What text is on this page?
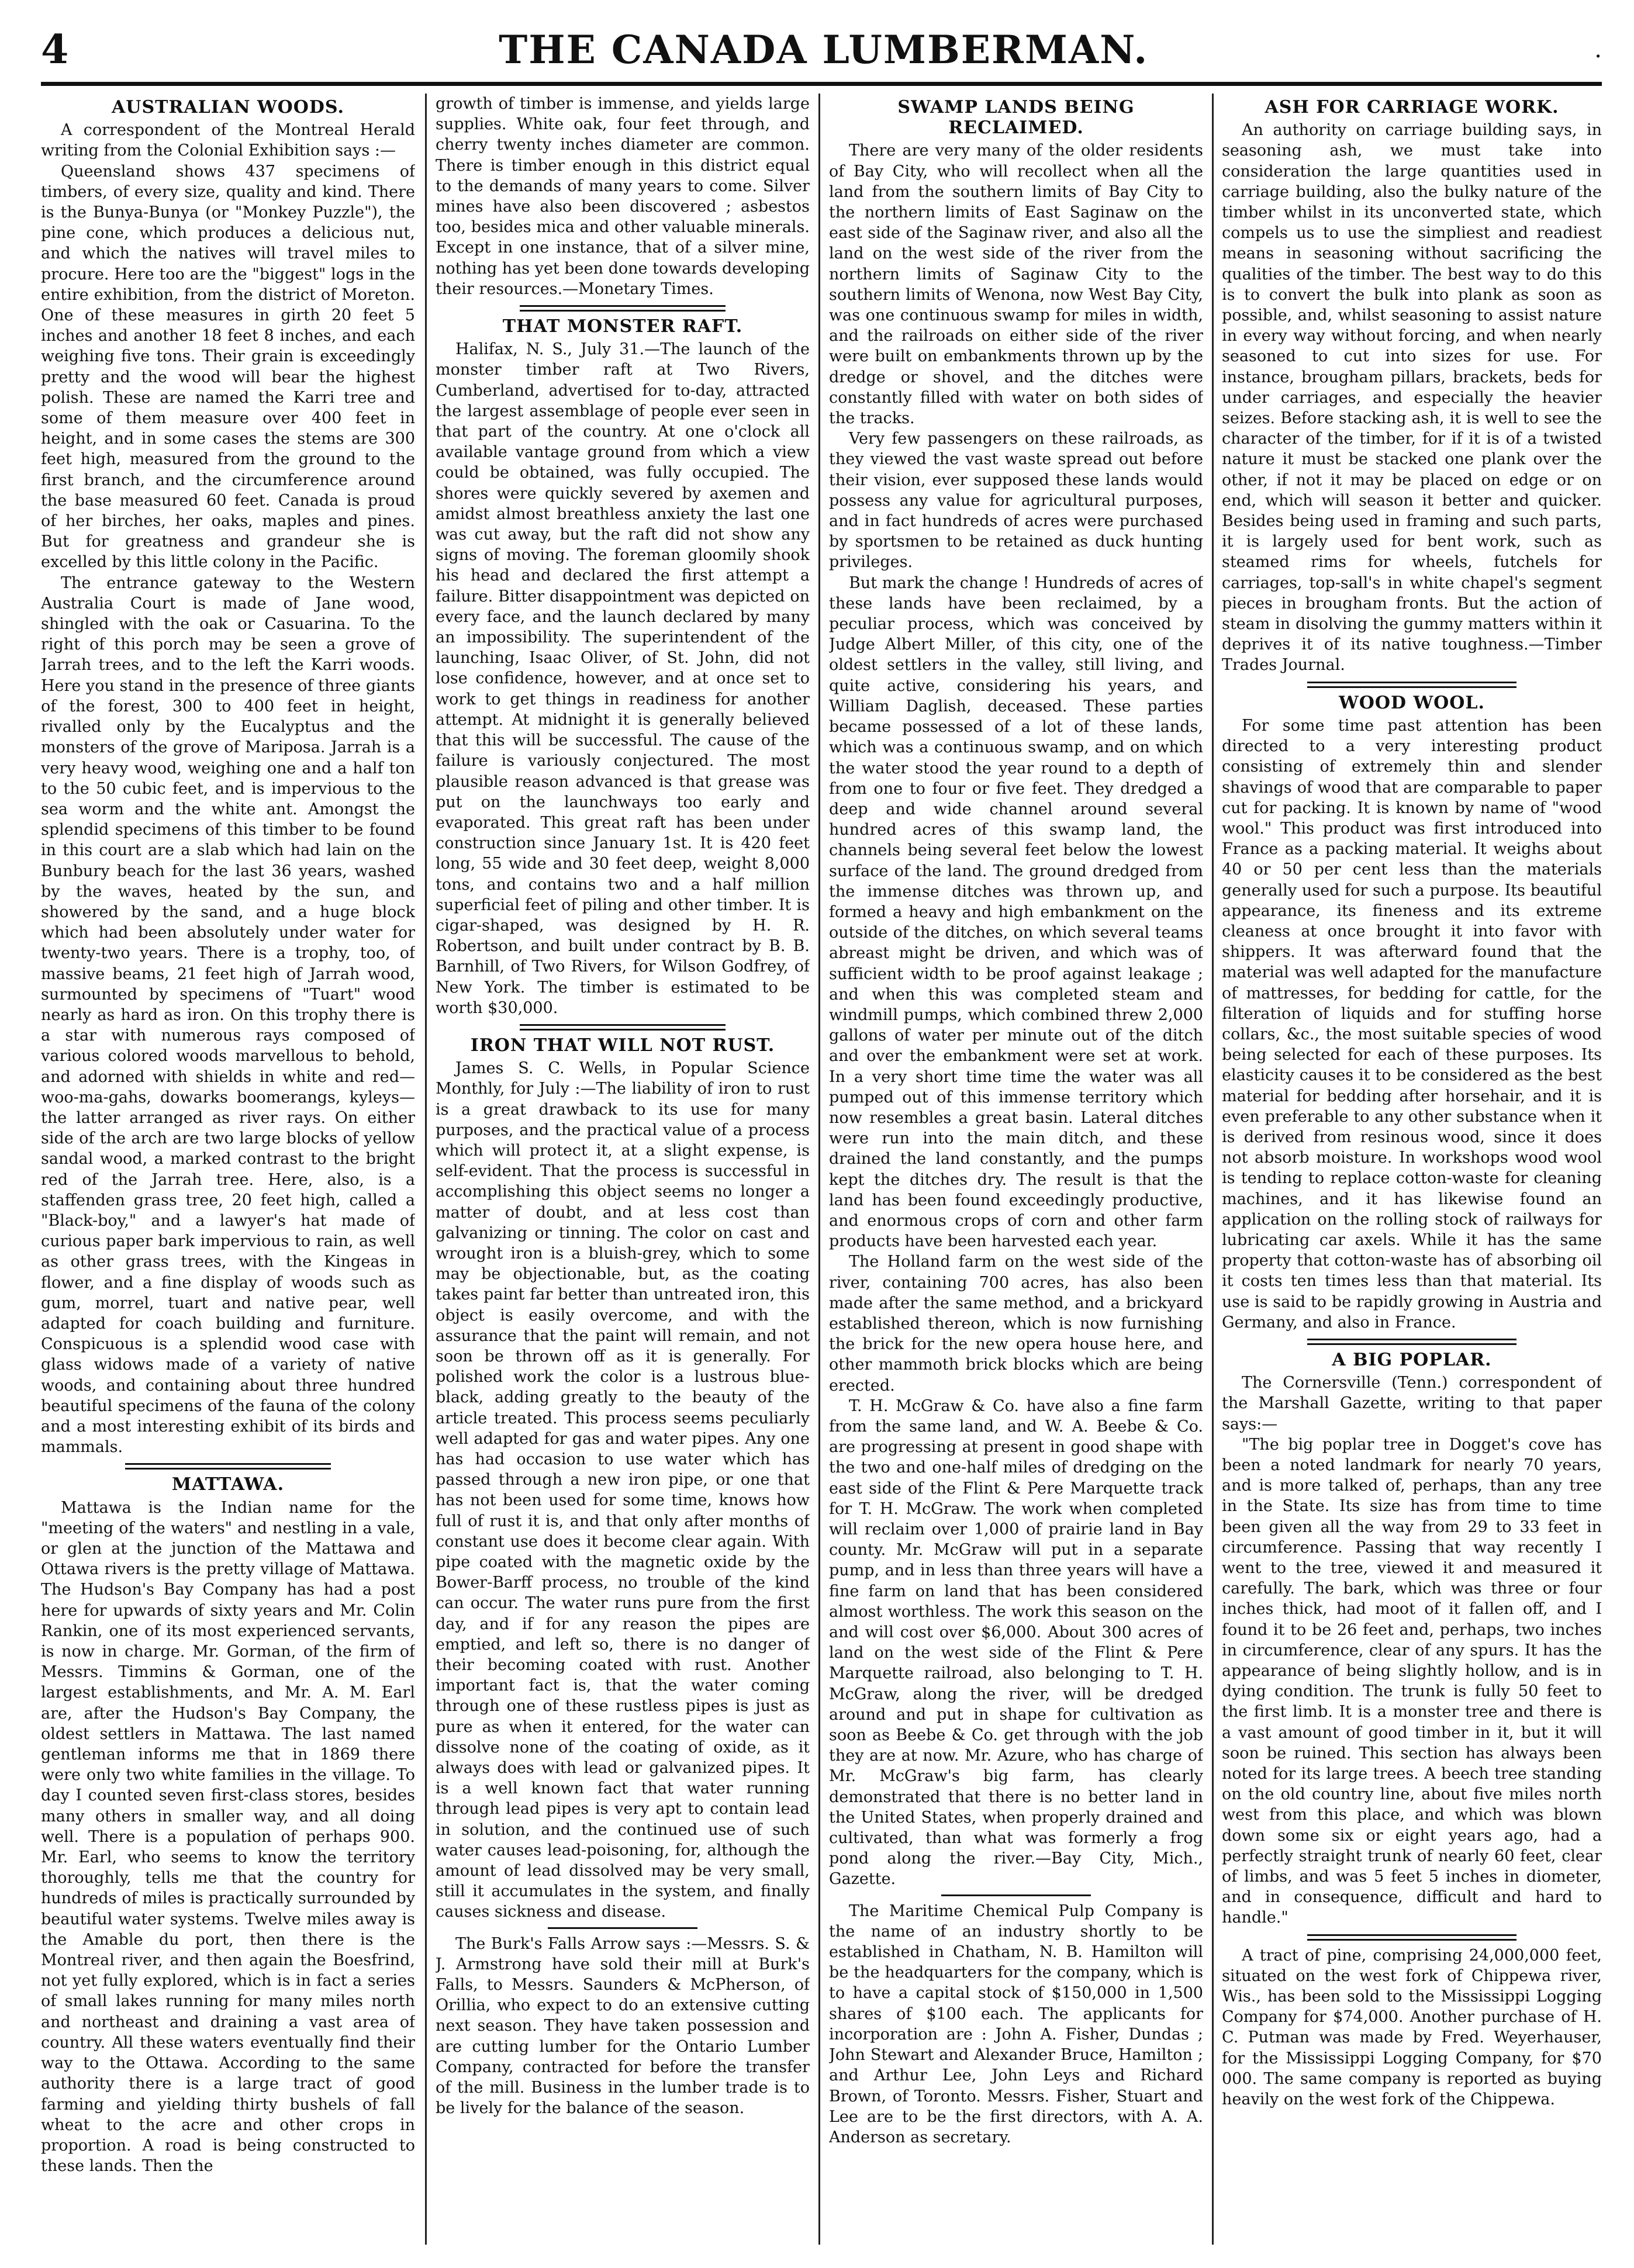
4	THE CANADA LUMBERMAN.	.
AUSTRALIAN WOODS.

A correspondent of the Montreal Herald writing from the Colonial Exhibition says :—

Queensland shows 437 specimens of timbers, of every size, quality and kind. There is the Bunya-Bunya (or "Monkey Puzzle"), the pine cone, which produces a delicious nut, and which the natives will travel miles to procure. Here too are the "biggest" logs in the entire exhibition, from the district of Moreton. One of these measures in girth 20 feet 5 inches and another 18 feet 8 inches, and each weighing five tons. Their grain is exceedingly pretty and the wood will bear the highest polish. These are named the Karri tree and some of them measure over 400 feet in height, and in some cases the stems are 300 feet high, measured from the ground to the first branch, and the circumference around the base measured 60 feet. Canada is proud of her birches, her oaks, maples and pines. But for greatness and grandeur she is excelled by this little colony in the Pacific.

The entrance gateway to the Western Australia Court is made of Jane wood, shingled with the oak or Casuarina. To the right of this porch may be seen a grove of Jarrah trees, and to the left the Karri woods. Here you stand in the presence of three giants of the forest, 300 to 400 feet in height, rivalled only by the Eucalyptus and the monsters of the grove of Mariposa. Jarrah is a very heavy wood, weighing one and a half ton to the 50 cubic feet, and is impervious to the sea worm and the white ant. Amongst the splendid specimens of this timber to be found in this court are a slab which had lain on the Bunbury beach for the last 36 years, washed by the waves, heated by the sun, and showered by the sand, and a huge block which had been absolutely under water for twenty-two years. There is a trophy, too, of massive beams, 21 feet high of Jarrah wood, surmounted by specimens of "Tuart" wood nearly as hard as iron. On this trophy there is a star with numerous rays composed of various colored woods marvellous to behold, and adorned with shields in white and red—woo-ma-gahs, dowarks boomerangs, kyleys—the latter arranged as river rays. On either side of the arch are two large blocks of yellow sandal wood, a marked contrast to the bright red of the Jarrah tree. Here, also, is a staffenden grass tree, 20 feet high, called a "Black-boy," and a lawyer's hat made of curious paper bark impervious to rain, as well as other grass trees, with the Kingeas in flower, and a fine display of woods such as gum, morrel, tuart and native pear, well adapted for coach building and furniture. Conspicuous is a splendid wood case with glass widows made of a variety of native woods, and containing about three hundred beautiful specimens of the fauna of the colony and a most interesting exhibit of its birds and mammals.

MATTAWA.

Mattawa is the Indian name for the "meeting of the waters" and nestling in a vale, or glen at the junction of the Mattawa and Ottawa rivers is the pretty village of Mattawa. The Hudson's Bay Company has had a post here for upwards of sixty years and Mr. Colin Rankin, one of its most experienced servants, is now in charge. Mr. Gorman, of the firm of Messrs. Timmins & Gorman, one of the largest establishments, and Mr. A. M. Earl are, after the Hudson's Bay Company, the oldest settlers in Mattawa. The last named gentleman informs me that in 1869 there were only two white families in the village. To day I counted seven first-class stores, besides many others in smaller way, and all doing well. There is a population of perhaps 900. Mr. Earl, who seems to know the territory thoroughly, tells me that the country for hundreds of miles is practically surrounded by beautiful water systems. Twelve miles away is the Amable du port, then there is the Montreal river, and then again the Boesfrind, not yet fully explored, which is in fact a series of small lakes running for many miles north and northeast and draining a vast area of country. All these waters eventually find their way to the Ottawa. According to the same authority there is a large tract of good farming and yielding thirty bushels of fall wheat to the acre and other crops in proportion. A road is being constructed to these lands. Then the

growth of timber is immense, and yields large supplies. White oak, four feet through, and cherry twenty inches diameter are common. There is timber enough in this district equal to the demands of many years to come. Silver mines have also been discovered ; asbestos too, besides mica and other valuable minerals. Except in one instance, that of a silver mine, nothing has yet been done towards developing their resources.—Monetary Times.

THAT MONSTER RAFT.

Halifax, N. S., July 31.—The launch of the monster timber raft at Two Rivers, Cumberland, advertised for to-day, attracted the largest assemblage of people ever seen in that part of the country. At one o'clock all available vantage ground from which a view could be obtained, was fully occupied. The shores were quickly severed by axemen and amidst almost breathless anxiety the last one was cut away, but the raft did not show any signs of moving. The foreman gloomily shook his head and declared the first attempt a failure. Bitter disappointment was depicted on every face, and the launch declared by many an impossibility. The superintendent of the launching, Isaac Oliver, of St. John, did not lose confidence, however, and at once set to work to get things in readiness for another attempt. At midnight it is generally believed that this will be successful. The cause of the failure is variously conjectured. The most plausible reason advanced is that grease was put on the launchways too early and evaporated. This great raft has been under construction since January 1st. It is 420 feet long, 55 wide and 30 feet deep, weight 8,000 tons, and contains two and a half million superficial feet of piling and other timber. It is cigar-shaped, was designed by H. R. Robertson, and built under contract by B. B. Barnhill, of Two Rivers, for Wilson Godfrey, of New York. The timber is estimated to be worth $30,000.

IRON THAT WILL NOT RUST.

James S. C. Wells, in Popular Science Monthly, for July :—The liability of iron to rust is a great drawback to its use for many purposes, and the practical value of a process which will protect it, at a slight expense, is self-evident. That the process is successful in accomplishing this object seems no longer a matter of doubt, and at less cost than galvanizing or tinning. The color on cast and wrought iron is a bluish-grey, which to some may be objectionable, but, as the coating takes paint far better than untreated iron, this object is easily overcome, and with the assurance that the paint will remain, and not soon be thrown off as it is generally. For polished work the color is a lustrous blue-black, adding greatly to the beauty of the article treated. This process seems peculiarly well adapted for gas and water pipes. Any one has had occasion to use water which has passed through a new iron pipe, or one that has not been used for some time, knows how full of rust it is, and that only after months of constant use does it become clear again. With pipe coated with the magnetic oxide by the Bower-Barff process, no trouble of the kind can occur. The water runs pure from the first day, and if for any reason the pipes are emptied, and left so, there is no danger of their becoming coated with rust. Another important fact is, that the water coming through one of these rustless pipes is just as pure as when it entered, for the water can dissolve none of the coating of oxide, as it always does with lead or galvanized pipes. It is a well known fact that water running through lead pipes is very apt to contain lead in solution, and the continued use of such water causes lead-poisoning, for, although the amount of lead dissolved may be very small, still it accumulates in the system, and finally causes sickness and disease.

The Burk's Falls Arrow says :—Messrs. S. & J. Armstrong have sold their mill at Burk's Falls, to Messrs. Saunders & McPherson, of Orillia, who expect to do an extensive cutting next season. They have taken possession and are cutting lumber for the Ontario Lumber Company, contracted for before the transfer of the mill. Business in the lumber trade is to be lively for the balance of the season.

SWAMP LANDS BEING RECLAIMED.

There are very many of the older residents of Bay City, who will recollect when all the land from the southern limits of Bay City to the northern limits of East Saginaw on the east side of the Saginaw river, and also all the land on the west side of the river from the northern limits of Saginaw City to the southern limits of Wenona, now West Bay City, was one continuous swamp for miles in width, and the railroads on either side of the river were built on embankments thrown up by the dredge or shovel, and the ditches were constantly filled with water on both sides of the tracks.

Very few passengers on these railroads, as they viewed the vast waste spread out before their vision, ever supposed these lands would possess any value for agricultural purposes, and in fact hundreds of acres were purchased by sportsmen to be retained as duck hunting privileges.

But mark the change ! Hundreds of acres of these lands have been reclaimed, by a peculiar process, which was conceived by Judge Albert Miller, of this city, one of the oldest settlers in the valley, still living, and quite active, considering his years, and William Daglish, deceased. These parties became possessed of a lot of these lands, which was a continuous swamp, and on which the water stood the year round to a depth of from one to four or five feet. They dredged a deep and wide channel around several hundred acres of this swamp land, the channels being several feet below the lowest surface of the land. The ground dredged from the immense ditches was thrown up, and formed a heavy and high embankment on the outside of the ditches, on which several teams abreast might be driven, and which was of sufficient width to be proof against leakage ; and when this was completed steam and windmill pumps, which combined threw 2,000 gallons of water per minute out of the ditch and over the embankment were set at work. In a very short time time the water was all pumped out of this immense territory which now resembles a great basin. Lateral ditches were run into the main ditch, and these drained the land constantly, and the pumps kept the ditches dry. The result is that the land has been found exceedingly productive, and enormous crops of corn and other farm products have been harvested each year.

The Holland farm on the west side of the river, containing 700 acres, has also been made after the same method, and a brickyard established thereon, which is now furnishing the brick for the new opera house here, and other mammoth brick blocks which are being erected.

T. H. McGraw & Co. have also a fine farm from the same land, and W. A. Beebe & Co. are progressing at present in good shape with the two and one-half miles of dredging on the east side of the Flint & Pere Marquette track for T. H. McGraw. The work when completed will reclaim over 1,000 of prairie land in Bay county. Mr. McGraw will put in a separate pump, and in less than three years will have a fine farm on land that has been considered almost worthless. The work this season on the and will cost over $6,000. About 300 acres of land on the west side of the Flint & Pere Marquette railroad, also belonging to T. H. McGraw, along the river, will be dredged around and put in shape for cultivation as soon as Beebe & Co. get through with the job they are at now. Mr. Azure, who has charge of Mr. McGraw's big farm, has clearly demonstrated that there is no better land in the United States, when properly drained and cultivated, than what was formerly a frog pond along the river.—Bay City, Mich., Gazette.

The Maritime Chemical Pulp Company is the name of an industry shortly to be established in Chatham, N. B. Hamilton will be the headquarters for the company, which is to have a capital stock of $150,000 in 1,500 shares of $100 each. The applicants for incorporation are : John A. Fisher, Dundas ; John Stewart and Alexander Bruce, Hamilton ; and Arthur Lee, John Leys and Richard Brown, of Toronto. Messrs. Fisher, Stuart and Lee are to be the first directors, with A. A. Anderson as secretary.

ASH FOR CARRIAGE WORK.

An authority on carriage building says, in seasoning ash, we must take into consideration the large quantities used in carriage building, also the bulky nature of the timber whilst in its unconverted state, which compels us to use the simpliest and readiest means in seasoning without sacrificing the qualities of the timber. The best way to do this is to convert the bulk into plank as soon as possible, and, whilst seasoning to assist nature in every way without forcing, and when nearly seasoned to cut into sizes for use. For instance, brougham pillars, brackets, beds for under carriages, and especially the heavier seizes. Before stacking ash, it is well to see the character of the timber, for if it is of a twisted nature it must be stacked one plank over the other, if not it may be placed on edge or on end, which will season it better and quicker. Besides being used in framing and such parts, it is largely used for bent work, such as steamed rims for wheels, futchels for carriages, top-sall's in white chapel's segment pieces in brougham fronts. But the action of steam in disolving the gummy matters within it deprives it of its native toughness.—Timber Trades Journal.

WOOD WOOL.

For some time past attention has been directed to a very interesting product consisting of extremely thin and slender shavings of wood that are comparable to paper cut for packing. It is known by name of "wood wool." This product was first introduced into France as a packing material. It weighs about 40 or 50 per cent less than the materials generally used for such a purpose. Its beautiful appearance, its fineness and its extreme cleaness at once brought it into favor with shippers. It was afterward found that the material was well adapted for the manufacture of mattresses, for bedding for cattle, for the filteration of liquids and for stuffing horse collars, &c., the most suitable species of wood being selected for each of these purposes. Its elasticity causes it to be considered as the best material for bedding after horsehair, and it is even preferable to any other substance when it is derived from resinous wood, since it does not absorb moisture. In workshops wood wool is tending to replace cotton-waste for cleaning machines, and it has likewise found an application on the rolling stock of railways for lubricating car axels. While it has the same property that cotton-waste has of absorbing oil it costs ten times less than that material. Its use is said to be rapidly growing in Austria and Germany, and also in France.

A BIG POPLAR.

The Cornersville (Tenn.) correspondent of the Marshall Gazette, writing to that paper says:—

"The big poplar tree in Dogget's cove has been a noted landmark for nearly 70 years, and is more talked of, perhaps, than any tree in the State. Its size has from time to time been given all the way from 29 to 33 feet in circumference. Passing that way recently I went to the tree, viewed it and measured it carefully. The bark, which was three or four inches thick, had moot of it fallen off, and I found it to be 26 feet and, perhaps, two inches in circumference, clear of any spurs. It has the appearance of being slightly hollow, and is in dying condition. The trunk is fully 50 feet to the first limb. It is a monster tree and there is a vast amount of good timber in it, but it will soon be ruined. This section has always been noted for its large trees. A beech tree standing on the old country line, about five miles north west from this place, and which was blown down some six or eight years ago, had a perfectly straight trunk of nearly 60 feet, clear of limbs, and was 5 feet 5 inches in diometer, and in consequence, difficult and hard to handle."

A tract of pine, comprising 24,000,000 feet, situated on the west fork of Chippewa river, Wis., has been sold to the Mississippi Logging Company for $74,000. Another purchase of H. C. Putman was made by Fred. Weyerhauser, for the Mississippi Logging Company, for $70 000. The same company is reported as buying heavily on the west fork of the Chippewa.
